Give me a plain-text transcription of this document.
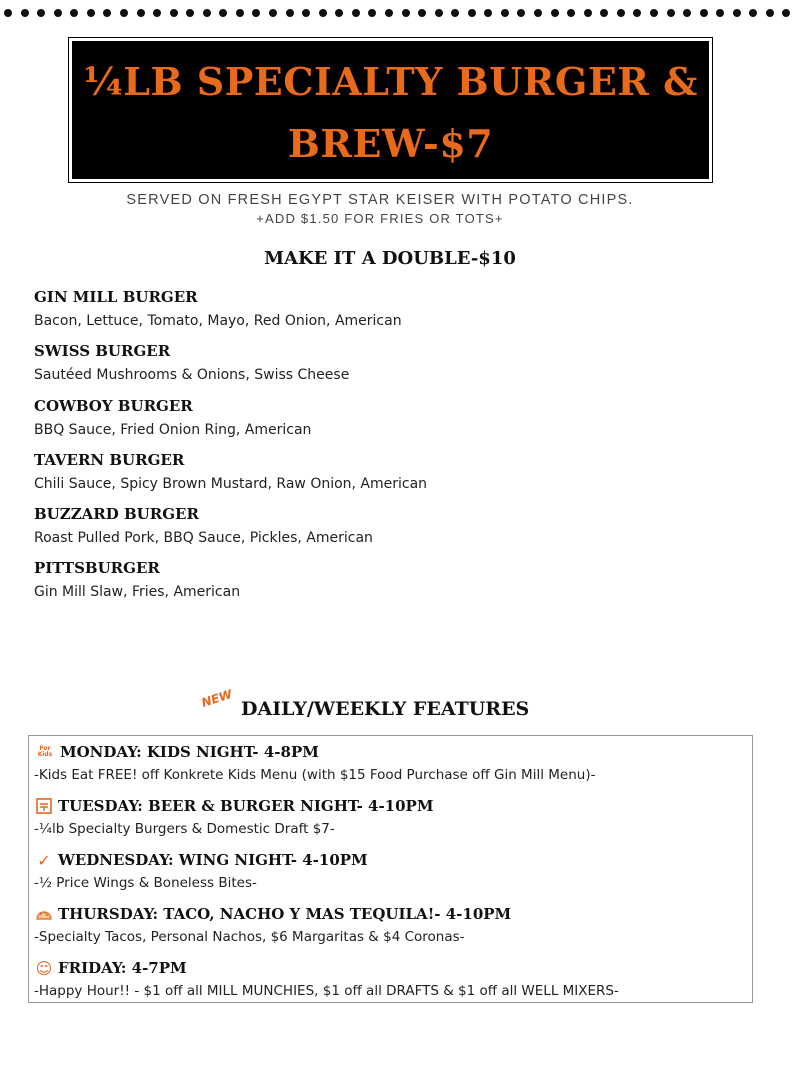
¼LB SPECIALTY BURGER &
BREW-$7
SERVED ON FRESH EGYPT STAR KEISER WITH POTATO CHIPS.
+ADD $1.50 FOR FRIES OR TOTS+
MAKE IT A DOUBLE-$10
GIN MILL BURGER
Bacon, Lettuce, Tomato, Mayo, Red Onion, American
SWISS BURGER
Sautéed Mushrooms & Onions, Swiss Cheese
COWBOY BURGER
BBQ Sauce, Fried Onion Ring, American
TAVERN BURGER
Chili Sauce, Spicy Brown Mustard, Raw Onion, American
BUZZARD BURGER
Roast Pulled Pork, BBQ Sauce, Pickles, American
PITTSBURGER
Gin Mill Slaw, Fries, American
NEW DAILY/WEEKLY FEATURES
For
Kids MONDAY: KIDS NIGHT- 4-8PM
-Kids Eat FREE! off Konkrete Kids Menu (with $15 Food Purchase off Gin Mill Menu)-
TUESDAY: BEER & BURGER NIGHT- 4-10PM
-¼lb Specialty Burgers & Domestic Draft $7-
✓ WEDNESDAY: WING NIGHT- 4-10PM
-½ Price Wings & Boneless Bites-
THURSDAY: TACO, NACHO Y MAS TEQUILA!- 4-10PM
-Specialty Tacos, Personal Nachos, $6 Margaritas & $4 Coronas-
☺ FRIDAY: 4-7PM
-Happy Hour!! - $1 off all MILL MUNCHIES, $1 off all DRAFTS & $1 off all WELL MIXERS-
